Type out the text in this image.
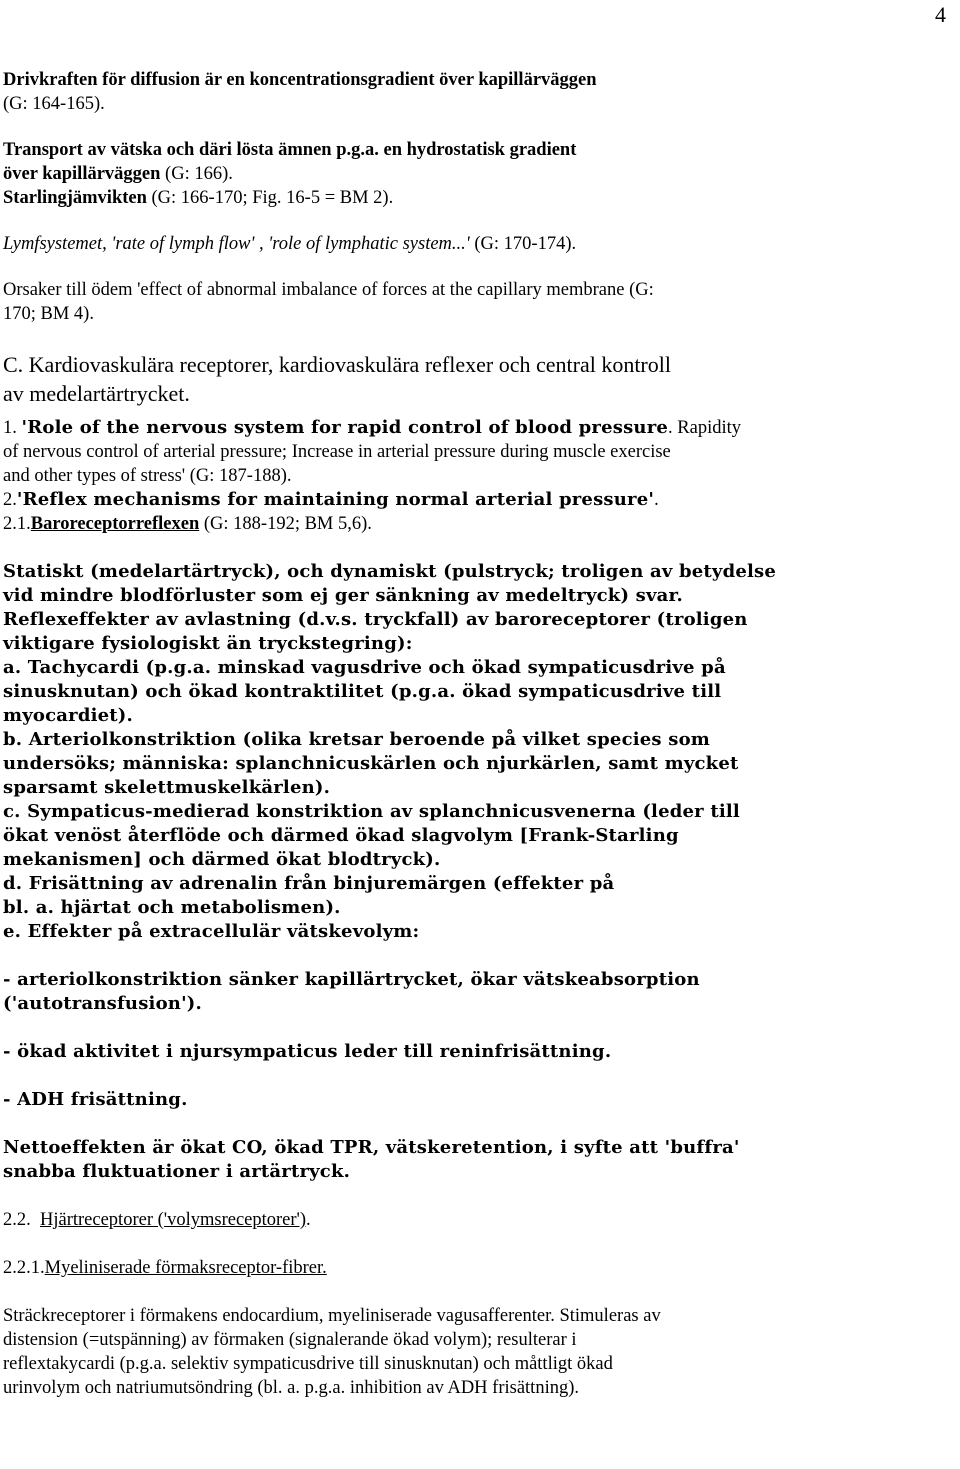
4

Drivkraften för diffusion är en koncentrationsgradient över kapillärväggen

(G: 164-165).

Transport av vätska och däri lösta ämnen p.g.a. en hydrostatisk gradient

över kapillärväggen (G: 166).

Starlingjämvikten (G: 166-170; Fig. 16-5 = BM 2).

Lymfsystemet, 'rate of lymph flow' , 'role of lymphatic system...' (G: 170-174).

Orsaker till ödem 'effect of abnormal imbalance of forces at the capillary membrane (G:

170; BM 4).

C. Kardiovaskulära receptorer, kardiovaskulära reflexer och central kontroll

av medelartärtrycket.

1. 'Role of the nervous system for rapid control of blood pressure. Rapidity

of nervous control of arterial pressure; Increase in arterial pressure during muscle exercise

and other types of stress' (G: 187-188).

2.'Reflex mechanisms for maintaining normal arterial pressure'.

2.1.Baroreceptorreflexen (G: 188-192; BM 5,6).

Statiskt (medelartärtryck), och dynamiskt (pulstryck; troligen av betydelse

vid mindre blodförluster som ej ger sänkning av medeltryck) svar.

Reflexeffekter av avlastning (d.v.s. tryckfall) av baroreceptorer (troligen

viktigare fysiologiskt än tryckstegring):

a. Tachycardi (p.g.a. minskad vagusdrive och ökad sympaticusdrive på

sinusknutan) och ökad kontraktilitet (p.g.a. ökad sympaticusdrive till

myocardiet).

b. Arteriolkonstriktion (olika kretsar beroende på vilket species som

undersöks; människa: splanchnicuskärlen och njurkärlen, samt mycket

sparsamt skelettmuskelkärlen).

c. Sympaticus-medierad konstriktion av splanchnicusvenerna (leder till

ökat venöst återflöde och därmed ökad slagvolym [Frank-Starling

mekanismen] och därmed ökat blodtryck).

d. Frisättning av adrenalin från binjuremärgen (effekter på

bl. a. hjärtat och metabolismen).

e. Effekter på extracellulär vätskevolym:

- arteriolkonstriktion sänker kapillärtrycket, ökar vätskeabsorption

('autotransfusion').

- ökad aktivitet i njursympaticus leder till reninfrisättning.

- ADH frisättning.

Nettoeffekten är ökat CO, ökad TPR, vätskeretention, i syfte att 'buffra'

snabba fluktuationer i artärtryck.

2.2.  Hjärtreceptorer ('volymsreceptorer').

2.2.1.Myeliniserade förmaksreceptor-fibrer.

Sträckreceptorer i förmakens endocardium, myeliniserade vagusafferenter. Stimuleras av

distension (=utspänning) av förmaken (signalerande ökad volym); resulterar i

reflextakycardi (p.g.a. selektiv sympaticusdrive till sinusknutan) och måttligt ökad

urinvolym och natriumutsöndring (bl. a. p.g.a. inhibition av ADH frisättning).
